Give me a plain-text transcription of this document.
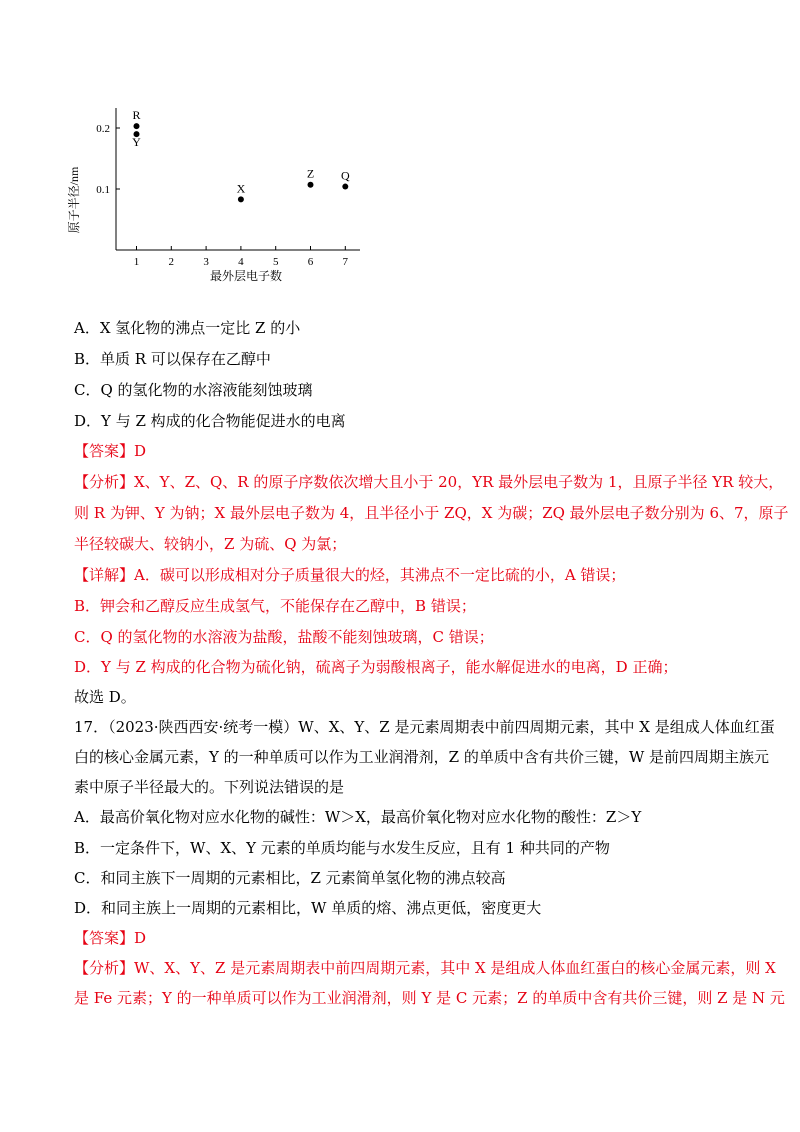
1	2	3	4	5	6	7
0.1
0.2
R
Y
X
Z Q
原子半径/nm
最外层电子数
A．X 氢化物的沸点一定比 Z 的小
B．单质 R 可以保存在乙醇中
C．Q 的氢化物的水溶液能刻蚀玻璃
D．Y 与 Z 构成的化合物能促进水的电离
【答案】D
【分析】X、Y、Z、Q、R 的原子序数依次增大且小于 20，YR 最外层电子数为 1，且原子半径 YR 较大，
则 R 为钾、Y 为钠；X 最外层电子数为 4，且半径小于 ZQ，X 为碳；ZQ 最外层电子数分别为 6、7，原子
半径较碳大、较钠小，Z 为硫、Q 为氯；
【详解】A．碳可以形成相对分子质量很大的烃，其沸点不一定比硫的小，A 错误；
B．钾会和乙醇反应生成氢气，不能保存在乙醇中，B 错误；
C．Q 的氢化物的水溶液为盐酸，盐酸不能刻蚀玻璃，C 错误；
D．Y 与 Z 构成的化合物为硫化钠，硫离子为弱酸根离子，能水解促进水的电离，D 正确；
故选 D。
17．（2023·陕西西安·统考一模）W、X、Y、Z 是元素周期表中前四周期元素，其中 X 是组成人体血红蛋
白的核心金属元素，Y 的一种单质可以作为工业润滑剂，Z 的单质中含有共价三键，W 是前四周期主族元
素中原子半径最大的。下列说法错误的是
A．最高价氧化物对应水化物的碱性：W＞X，最高价氧化物对应水化物的酸性：Z＞Y
B．一定条件下，W、X、Y 元素的单质均能与水发生反应，且有 1 种共同的产物
C．和同主族下一周期的元素相比，Z 元素简单氢化物的沸点较高
D．和同主族上一周期的元素相比，W 单质的熔、沸点更低，密度更大
【答案】D
【分析】W、X、Y、Z 是元素周期表中前四周期元素，其中 X 是组成人体血红蛋白的核心金属元素，则 X
是 Fe 元素；Y 的一种单质可以作为工业润滑剂，则 Y 是 C 元素；Z 的单质中含有共价三键，则 Z 是 N 元
